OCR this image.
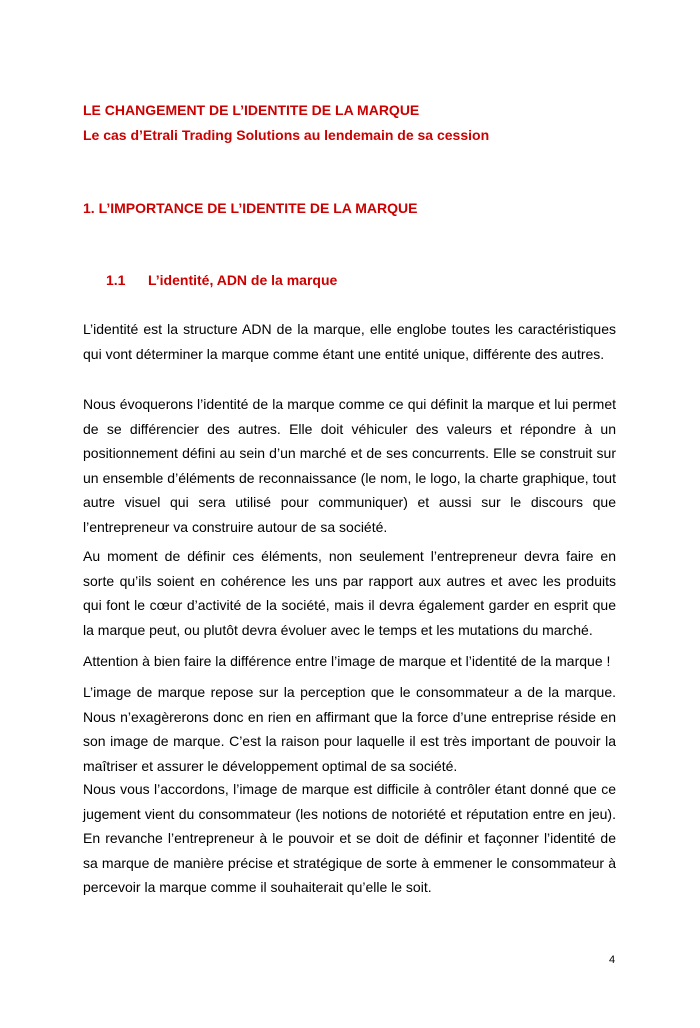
LE CHANGEMENT DE L’IDENTITE DE LA MARQUE
Le cas d’Etrali Trading Solutions au lendemain de sa cession
1. L’IMPORTANCE DE L’IDENTITE DE LA MARQUE
1.1 L’identité, ADN de la marque

L’identité est la structure ADN de la marque, elle englobe toutes les caractéristiques qui vont déterminer la marque comme étant une entité unique, différente des autres.

Nous évoquerons l’identité de la marque comme ce qui définit la marque et lui permet de se différencier des autres. Elle doit véhiculer des valeurs et répondre à un positionnement défini au sein d’un marché et de ses concurrents. Elle se construit sur un ensemble d’éléments de reconnaissance (le nom, le logo, la charte graphique, tout autre visuel qui sera utilisé pour communiquer) et aussi sur le discours que l’entrepreneur va construire autour de sa société.

Au moment de définir ces éléments, non seulement l’entrepreneur devra faire en sorte qu’ils soient en cohérence les uns par rapport aux autres et avec les produits qui font le cœur d’activité de la société, mais il devra également garder en esprit que la marque peut, ou plutôt devra évoluer avec le temps et les mutations du marché.

Attention à bien faire la différence entre l’image de marque et l’identité de la marque !

L’image de marque repose sur la perception que le consommateur a de la marque. Nous n’exagèrerons donc en rien en affirmant que la force d’une entreprise réside en son image de marque. C’est la raison pour laquelle il est très important de pouvoir la maîtriser et assurer le développement optimal de sa société.

Nous vous l’accordons, l’image de marque est difficile à contrôler étant donné que ce jugement vient du consommateur (les notions de notoriété et réputation entre en jeu). En revanche l’entrepreneur à le pouvoir et se doit de définir et façonner l’identité de sa marque de manière précise et stratégique de sorte à emmener le consommateur à percevoir la marque comme il souhaiterait qu’elle le soit.

4
